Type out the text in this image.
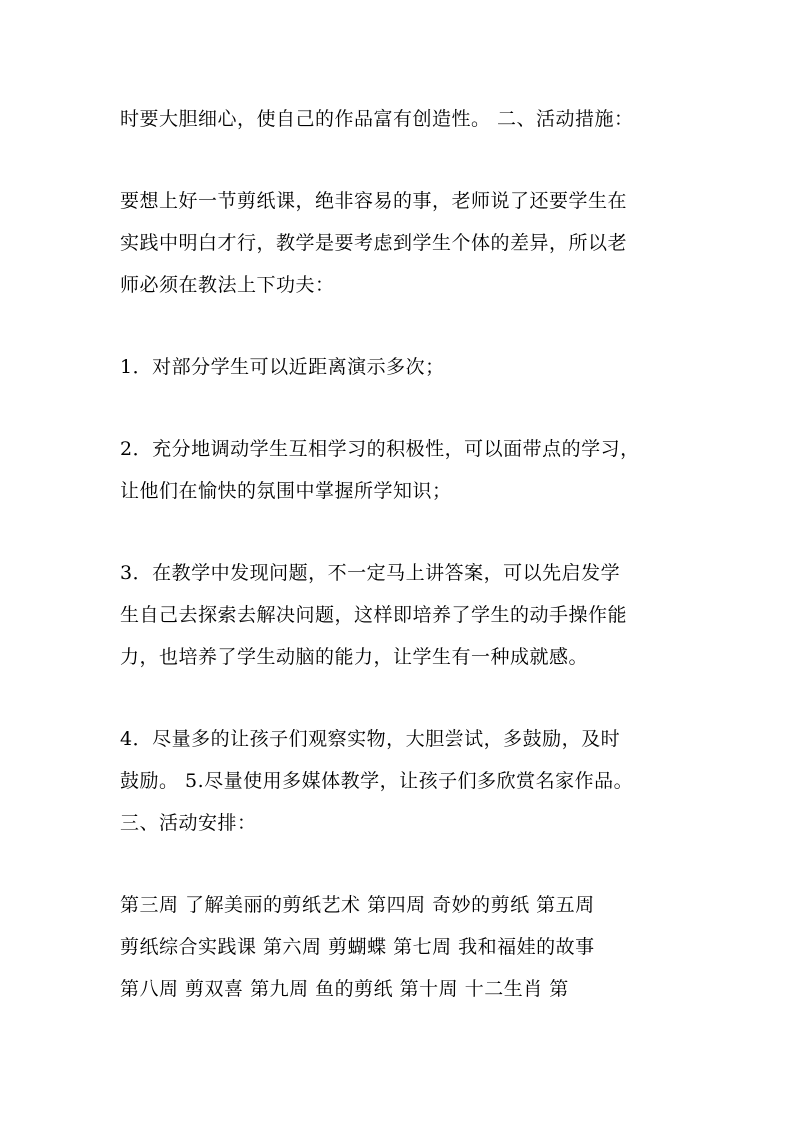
时要大胆细心，使自己的作品富有创造性。 二、活动措施：
要想上好一节剪纸课，绝非容易的事，老师说了还要学生在
实践中明白才行，教学是要考虑到学生个体的差异，所以老
师必须在教法上下功夫：
1．对部分学生可以近距离演示多次；
2．充分地调动学生互相学习的积极性，可以面带点的学习，
让他们在愉快的氛围中掌握所学知识；
3．在教学中发现问题，不一定马上讲答案，可以先启发学
生自己去探索去解决问题，这样即培养了学生的动手操作能
力，也培养了学生动脑的能力，让学生有一种成就感。
4．尽量多的让孩子们观察实物，大胆尝试，多鼓励，及时
鼓励。 5.尽量使用多媒体教学，让孩子们多欣赏名家作品。
三、活动安排：
第三周 了解美丽的剪纸艺术 第四周 奇妙的剪纸 第五周
剪纸综合实践课 第六周 剪蝴蝶 第七周 我和福娃的故事
第八周 剪双喜 第九周 鱼的剪纸 第十周 十二生肖 第
